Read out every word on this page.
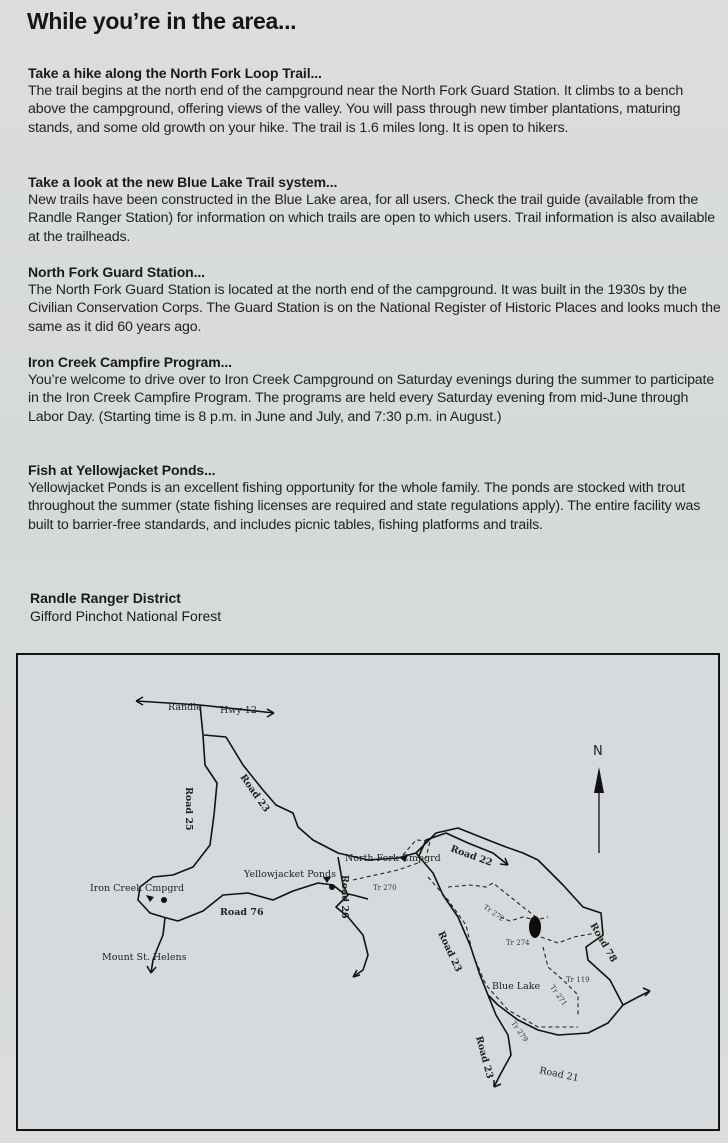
While you’re in the area...
Take a hike along the North Fork Loop Trail...

The trail begins at the north end of the campground near the North Fork Guard Station. It climbs to a bench above the campground, offering views of the valley. You will pass through new timber plantations, maturing stands, and some old growth on your hike. The trail is 1.6 miles long. It is open to hikers.

Take a look at the new Blue Lake Trail system...

New trails have been constructed in the Blue Lake area, for all users. Check the trail guide (available from the Randle Ranger Station) for information on which trails are open to which users. Trail information is also available at the trailheads.

North Fork Guard Station...

The North Fork Guard Station is located at the north end of the campground. It was built in the 1930s by the Civilian Conservation Corps. The Guard Station is on the National Register of Historic Places and looks much the same as it did 60 years ago.

Iron Creek Campfire Program...

You’re welcome to drive over to Iron Creek Campground on Saturday evenings during the summer to participate in the Iron Creek Campfire Program. The programs are held every Saturday evening from mid-June through Labor Day. (Starting time is 8 p.m. in June and July, and 7:30 p.m. in August.)

Fish at Yellowjacket Ponds...

Yellowjacket Ponds is an excellent fishing opportunity for the whole family. The ponds are stocked with trout throughout the summer (state fishing licenses are required and state regulations apply). The entire facility was built to barrier-free standards, and includes picnic tables, fishing platforms and trails.

Randle Ranger District
Gifford Pinchot National Forest
N
Randle Hwy 12
Road 25	Road 23
Iron Creek Cmpgrd
Mount St. Helens
Yellowjacket Ponds
Road 76	Road 26
North Fork Cmpgrd Road 22
Road 23	Road 78
Blue Lake
Road 23	Road 21
Tr 270
Tr 272
Tr 274
Tr 119
Tr 271
Tr 279
